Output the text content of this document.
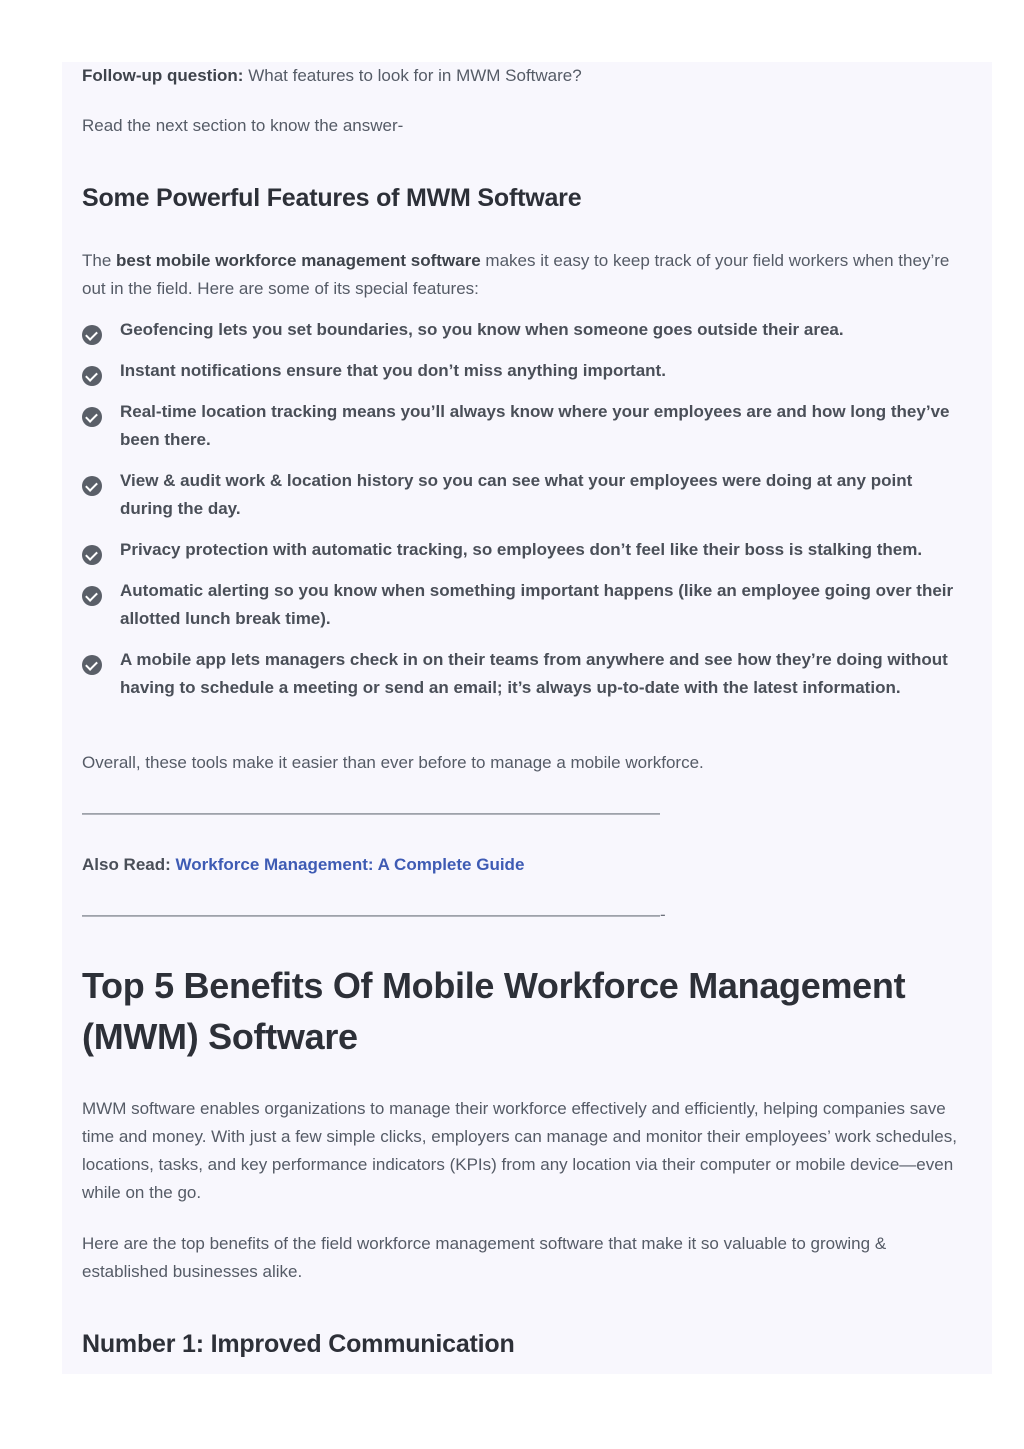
Follow-up question: What features to look for in MWM Software?

Read the next section to know the answer-

Some Powerful Features of MWM Software

The best mobile workforce management software makes it easy to keep track of your field workers when they’re out in the field. Here are some of its special features:

Geofencing lets you set boundaries, so you know when someone goes outside their area.
Instant notifications ensure that you don’t miss anything important.
Real-time location tracking means you’ll always know where your employees are and how long they’ve been there.
View & audit work & location history so you can see what your employees were doing at any point during the day.
Privacy protection with automatic tracking, so employees don’t feel like their boss is stalking them.
Automatic alerting so you know when something important happens (like an employee going over their allotted lunch break time).
A mobile app lets managers check in on their teams from anywhere and see how they’re doing without having to schedule a meeting or send an email; it’s always up-to-date with the latest information.

Overall, these tools make it easier than ever before to manage a mobile workforce.

——————————————————————————————————

Also Read: Workforce Management: A Complete Guide

——————————————————————————————————-
Top 5 Benefits Of Mobile Workforce Management (MWM) Software

MWM software enables organizations to manage their workforce effectively and efficiently, helping companies save time and money. With just a few simple clicks, employers can manage and monitor their employees’ work schedules, locations, tasks, and key performance indicators (KPIs) from any location via their computer or mobile device—even while on the go.

Here are the top benefits of the field workforce management software that make it so valuable to growing & established businesses alike.

Number 1: Improved Communication
